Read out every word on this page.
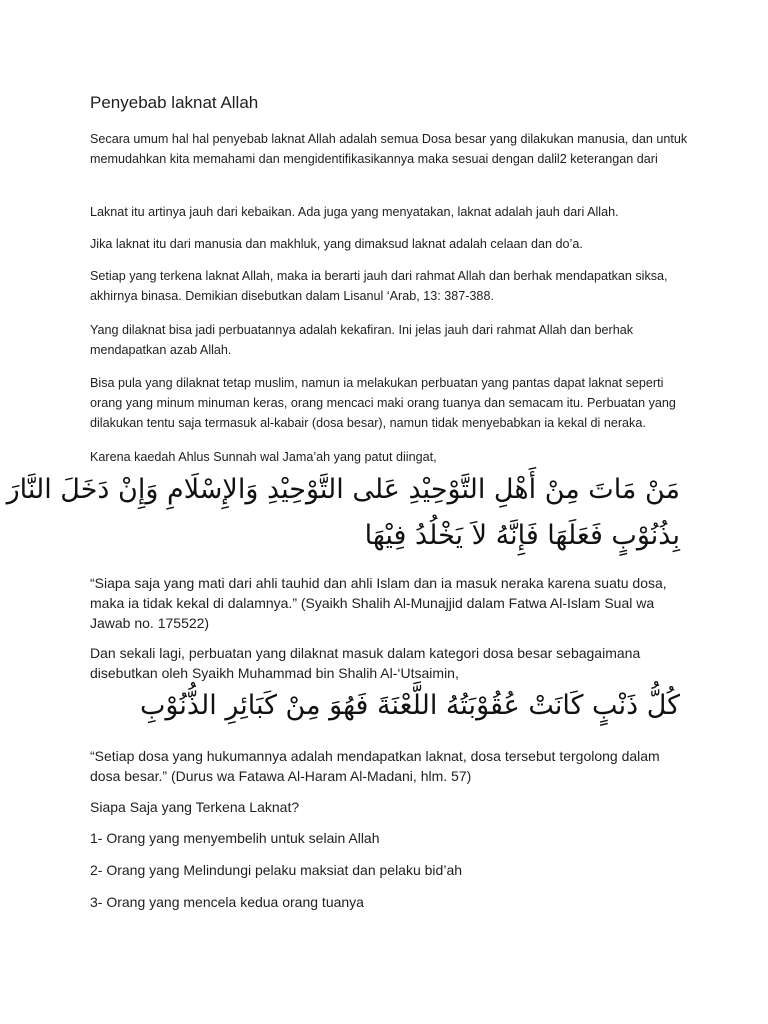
Penyebab laknat Allah

Secara umum hal hal penyebab laknat Allah adalah semua Dosa besar yang dilakukan manusia, dan untuk memudahkan kita memahami dan mengidentifikasikannya maka sesuai dengan dalil2 keterangan dari

Laknat itu artinya jauh dari kebaikan. Ada juga yang menyatakan, laknat adalah jauh dari Allah.

Jika laknat itu dari manusia dan makhluk, yang dimaksud laknat adalah celaan dan do’a.

Setiap yang terkena laknat Allah, maka ia berarti jauh dari rahmat Allah dan berhak mendapatkan siksa, akhirnya binasa. Demikian disebutkan dalam Lisanul ‘Arab, 13: 387-388.

Yang dilaknat bisa jadi perbuatannya adalah kekafiran. Ini jelas jauh dari rahmat Allah dan berhak mendapatkan azab Allah.

Bisa pula yang dilaknat tetap muslim, namun ia melakukan perbuatan yang pantas dapat laknat seperti orang yang minum minuman keras, orang mencaci maki orang tuanya dan semacam itu. Perbuatan yang dilakukan tentu saja termasuk al-kabair (dosa besar), namun tidak menyebabkan ia kekal di neraka.

Karena kaedah Ahlus Sunnah wal Jama’ah yang patut diingat,

مَنْ مَاتَ مِنْ أَهْلِ التَّوْحِيْدِ عَلى التَّوْحِيْدِ وَالإِسْلَامِ وَإِنْ دَخَلَ النَّارَ

بِذُنُوْبٍ فَعَلَهَا فَإِنَّهُ لاَ يَخْلُدُ فِيْهَا

“Siapa saja yang mati dari ahli tauhid dan ahli Islam dan ia masuk neraka karena suatu dosa, maka ia tidak kekal di dalamnya.” (Syaikh Shalih Al-Munajjid dalam Fatwa Al-Islam Sual wa Jawab no. 175522)

Dan sekali lagi, perbuatan yang dilaknat masuk dalam kategori dosa besar sebagaimana disebutkan oleh Syaikh Muhammad bin Shalih Al-‘Utsaimin,

كُلُّ ذَنْبٍ كَانَتْ عُقُوْبَتُهُ اللَّعْنَةَ فَهُوَ مِنْ كَبَائِرِ الذُّنُوْبِ

“Setiap dosa yang hukumannya adalah mendapatkan laknat, dosa tersebut tergolong dalam dosa besar.” (Durus wa Fatawa Al-Haram Al-Madani, hlm. 57)

Siapa Saja yang Terkena Laknat?

1- Orang yang menyembelih untuk selain Allah

2- Orang yang Melindungi pelaku maksiat dan pelaku bid’ah

3- Orang yang mencela kedua orang tuanya
